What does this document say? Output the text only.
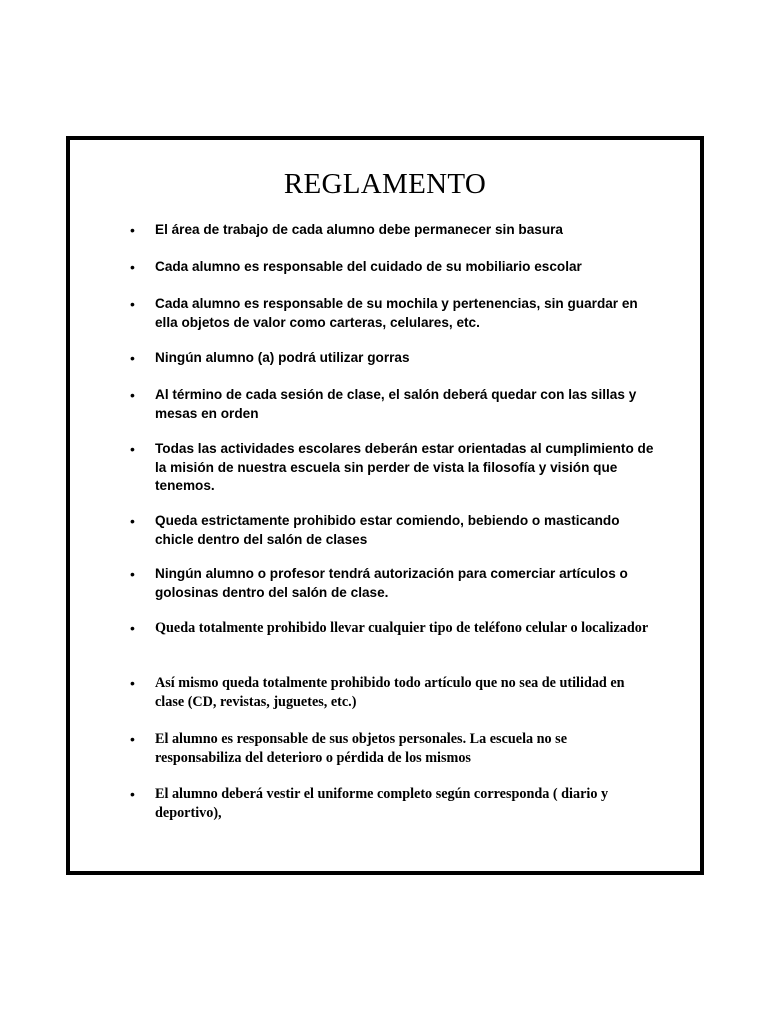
REGLAMENTO
•	El área de trabajo de cada alumno debe permanecer sin basura
•	Cada alumno es responsable del cuidado de su mobiliario escolar
•	Cada alumno es responsable de su mochila y pertenencias, sin guardar en ella objetos de valor como carteras, celulares, etc.
•	Ningún alumno (a) podrá utilizar gorras
•	Al término de cada sesión de clase, el salón deberá quedar con las sillas y mesas en orden
•	Todas las actividades escolares deberán estar orientadas al cumplimiento de la misión de nuestra escuela sin perder de vista la filosofía y visión que tenemos.
•	Queda estrictamente prohibido estar comiendo, bebiendo o masticando chicle dentro del salón de clases
•	Ningún alumno o profesor tendrá autorización para comerciar artículos o golosinas dentro del salón de clase.
•	Queda totalmente prohibido llevar cualquier tipo de teléfono celular o localizador
•	Así mismo queda totalmente prohibido todo artículo que no sea de utilidad en clase (CD, revistas, juguetes, etc.)
•	El alumno es responsable de sus objetos personales. La escuela no se responsabiliza del deterioro o pérdida de los mismos
•	El alumno deberá vestir el uniforme completo según corresponda ( diario y deportivo),
